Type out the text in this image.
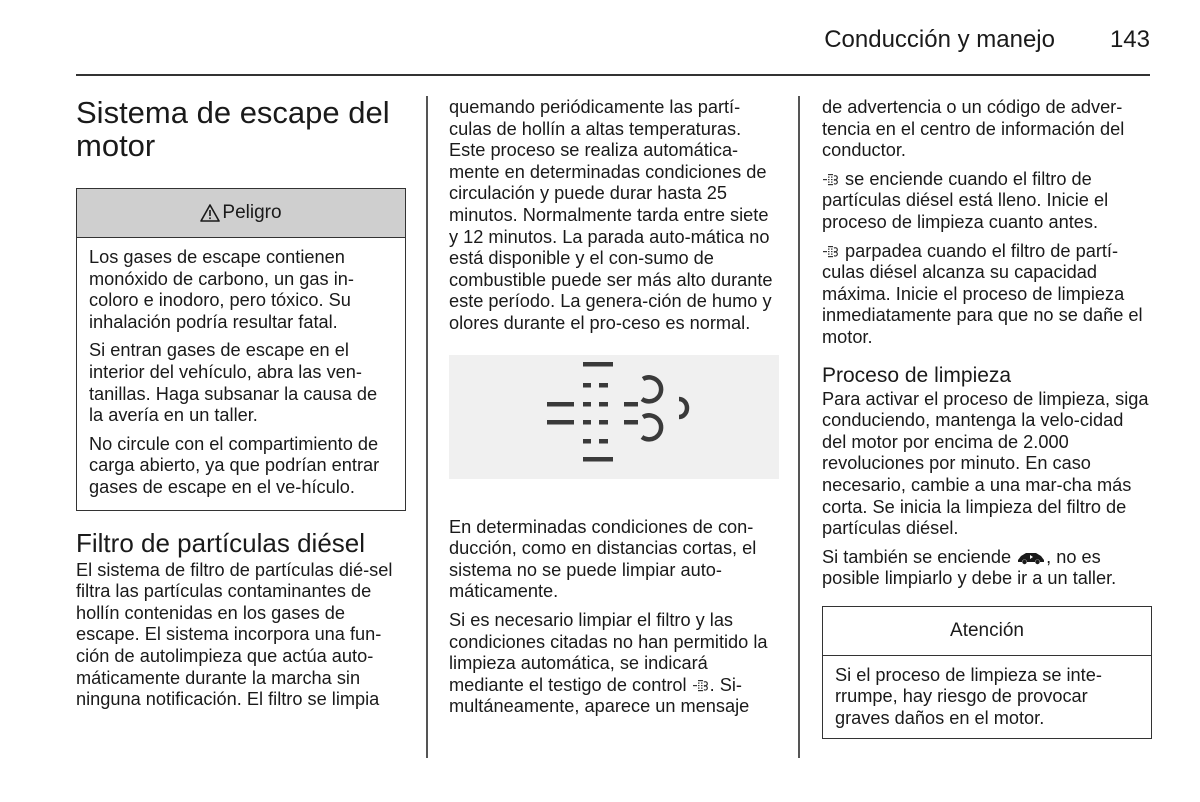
Conducción y manejo 143
Sistema de escape del motor
Peligro

Los gases de escape contienen monóxido de carbono, un gas in-coloro e inodoro, pero tóxico. Su inhalación podría resultar fatal.

Si entran gases de escape en el interior del vehículo, abra las ven-tanillas. Haga subsanar la causa de la avería en un taller.

No circule con el compartimiento de carga abierto, ya que podrían entrar gases de escape en el ve-hículo.

Filtro de partículas diésel

El sistema de filtro de partículas dié-sel filtra las partículas contaminantes de hollín contenidas en los gases de escape. El sistema incorpora una fun-ción de autolimpieza que actúa auto-máticamente durante la marcha sin ninguna notificación. El filtro se limpia

quemando periódicamente las partí-culas de hollín a altas temperaturas. Este proceso se realiza automática-mente en determinadas condiciones de circulación y puede durar hasta 25 minutos. Normalmente tarda entre siete y 12 minutos. La parada auto-mática no está disponible y el con-sumo de combustible puede ser más alto durante este período. La genera-ción de humo y olores durante el pro-ceso es normal.

En determinadas condiciones de con-ducción, como en distancias cortas, el sistema no se puede limpiar auto-máticamente.

Si es necesario limpiar el filtro y las condiciones citadas no han permitido la limpieza automática, se indicará mediante el testigo de control . Si-multáneamente, aparece un mensaje

de advertencia o un código de adver-tencia en el centro de información del conductor.

se enciende cuando el filtro de partículas diésel está lleno. Inicie el proceso de limpieza cuanto antes.

parpadea cuando el filtro de partí-culas diésel alcanza su capacidad máxima. Inicie el proceso de limpieza inmediatamente para que no se dañe el motor.

Proceso de limpieza

Para activar el proceso de limpieza, siga conduciendo, mantenga la velo-cidad del motor por encima de 2.000 revoluciones por minuto. En caso necesario, cambie a una mar-cha más corta. Se inicia la limpieza del filtro de partículas diésel.

Si también se enciende , no es posible limpiarlo y debe ir a un taller.

Atención

Si el proceso de limpieza se inte-rrumpe, hay riesgo de provocar graves daños en el motor.
